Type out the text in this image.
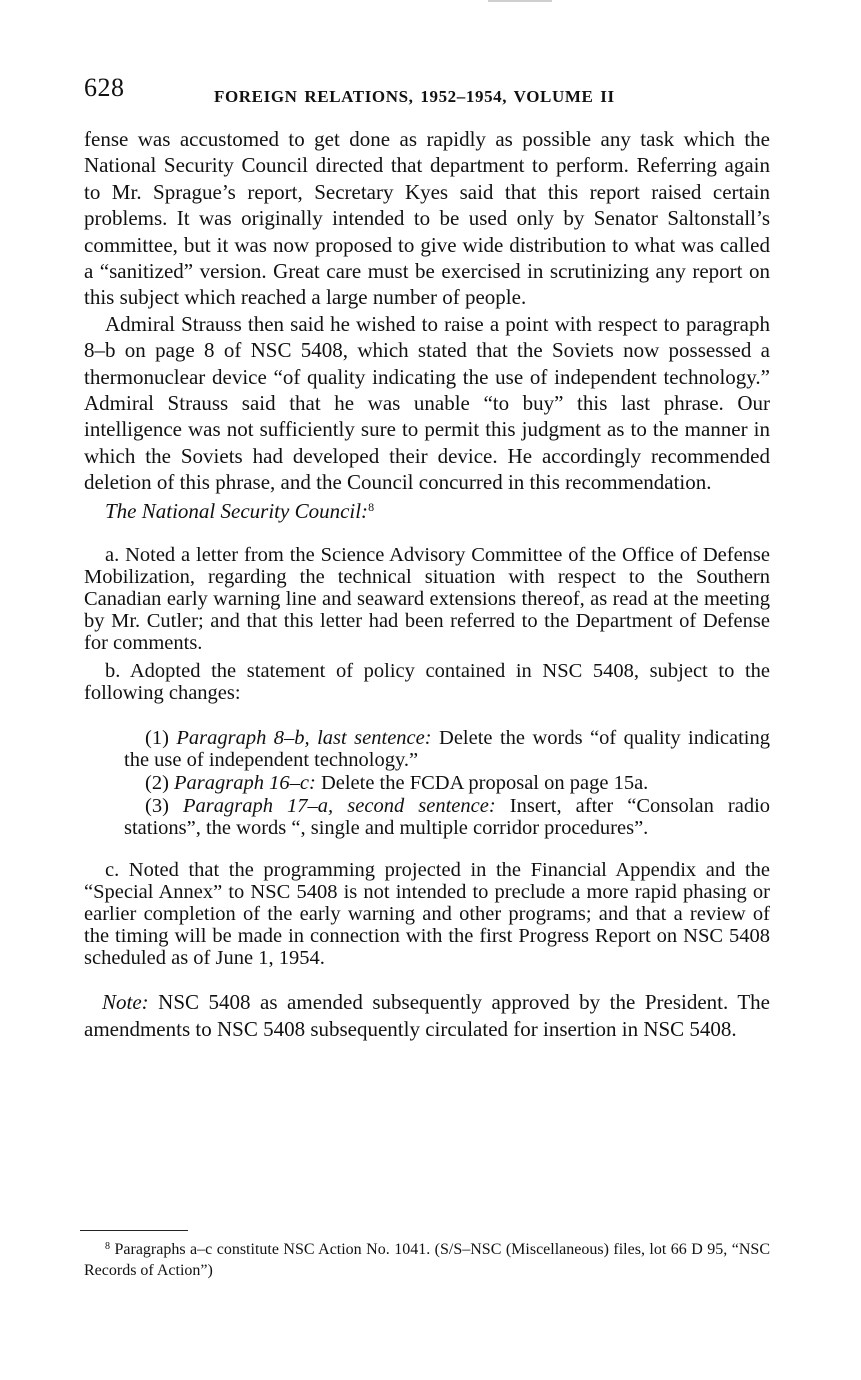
628	FOREIGN RELATIONS, 1952–1954, VOLUME II

fense was accustomed to get done as rapidly as possible any task which the National Security Council directed that department to perform. Referring again to Mr. Sprague’s report, Secretary Kyes said that this report raised certain problems. It was originally intended to be used only by Senator Saltonstall’s committee, but it was now proposed to give wide distribution to what was called a “sanitized” version. Great care must be exercised in scrutinizing any report on this subject which reached a large number of people.

Admiral Strauss then said he wished to raise a point with respect to paragraph 8–b on page 8 of NSC 5408, which stated that the Soviets now possessed a thermonuclear device “of quality indicating the use of independent technology.” Admiral Strauss said that he was unable “to buy” this last phrase. Our intelligence was not sufficiently sure to permit this judgment as to the manner in which the Soviets had developed their device. He accordingly recommended deletion of this phrase, and the Council concurred in this recommendation.

The National Security Council:$^8$

a. Noted a letter from the Science Advisory Committee of the Office of Defense Mobilization, regarding the technical situation with respect to the Southern Canadian early warning line and seaward extensions thereof, as read at the meeting by Mr. Cutler; and that this letter had been referred to the Department of Defense for comments.

b. Adopted the statement of policy contained in NSC 5408, subject to the following changes:

(1) Paragraph 8–b, last sentence: Delete the words “of quality indicating the use of independent technology.”

(2) Paragraph 16–c: Delete the FCDA proposal on page 15a.

(3) Paragraph 17–a, second sentence: Insert, after “Consolan radio stations”, the words “, single and multiple corridor procedures”.

c. Noted that the programming projected in the Financial Appendix and the “Special Annex” to NSC 5408 is not intended to preclude a more rapid phasing or earlier completion of the early warning and other programs; and that a review of the timing will be made in connection with the first Progress Report on NSC 5408 scheduled as of June 1, 1954.

Note: NSC 5408 as amended subsequently approved by the President. The amendments to NSC 5408 subsequently circulated for insertion in NSC 5408.

$^8$ Paragraphs a–c constitute NSC Action No. 1041. (S/S–NSC (Miscellaneous) files, lot 66 D 95, “NSC Records of Action”)
